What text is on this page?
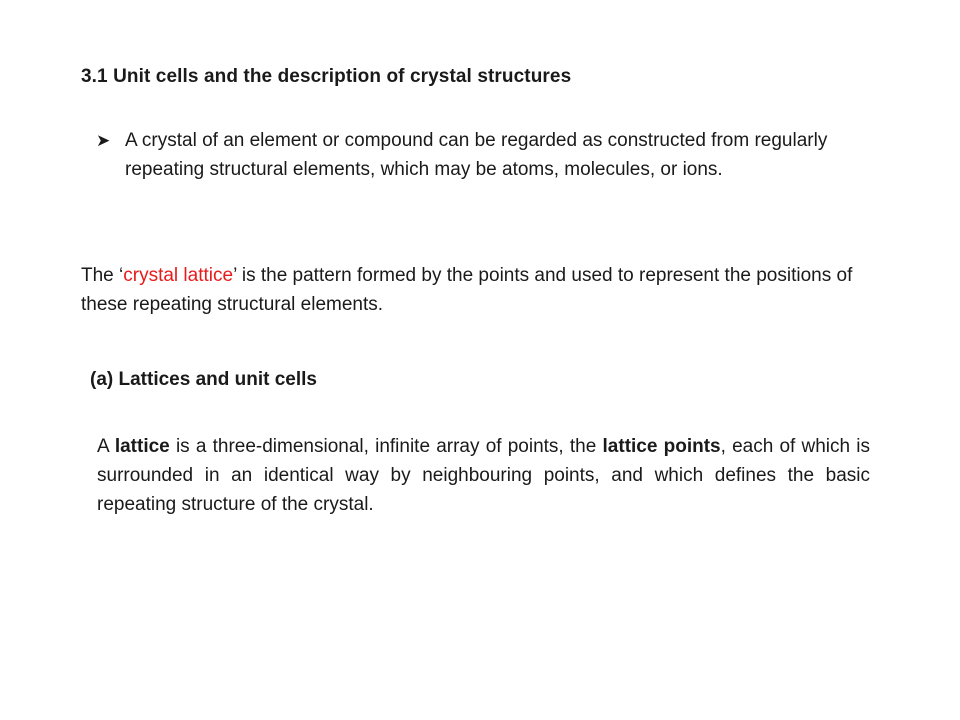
3.1 Unit cells and the description of crystal structures
➤ A crystal of an element or compound can be regarded as constructed from regularly repeating structural elements, which may be atoms, molecules, or ions.
The ‘crystal lattice’ is the pattern formed by the points and used to represent the positions of these repeating structural elements.
(a) Lattices and unit cells
A lattice is a three-dimensional, infinite array of points, the lattice points, each of which is surrounded in an identical way by neighbouring points, and which defines the basic repeating structure of the crystal.
